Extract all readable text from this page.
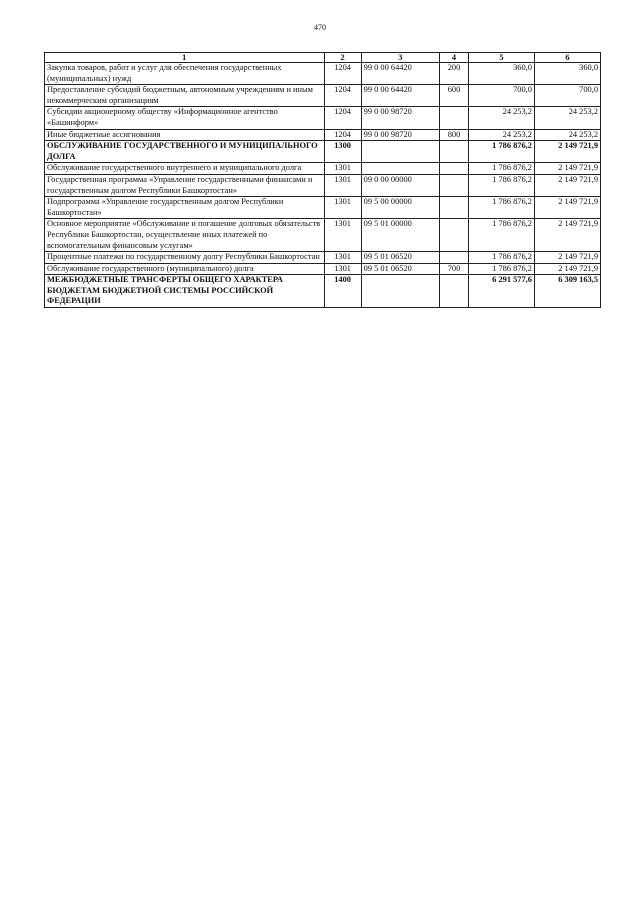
470
1	2	3	4	5	6
Закупка товаров, работ и услуг для обеспечения государственных (муниципальных) нужд	1204	99 0 00 64420	200	360,0	360,0
Предоставление субсидий бюджетным, автономным учреждениям и иным некоммерческим организациям	1204	99 0 00 64420	600	700,0	700,0
Субсидии акционерному обществу «Информационное агентство «Башинформ»	1204	99 0 00 98720		24 253,2	24 253,2
Иные бюджетные ассигнования	1204	99 0 00 98720	800	24 253,2	24 253,2
ОБСЛУЖИВАНИЕ ГОСУДАРСТВЕННОГО И МУНИЦИПАЛЬНОГО ДОЛГА	1300			1 786 876,2	2 149 721,9
Обслуживание государственного внутреннего и муниципального долга	1301			1 786 876,2	2 149 721,9
Государственная программа «Управление государственными финансами и государственным долгом Республики Башкортостан»	1301	09 0 00 00000		1 786 876,2	2 149 721,9
Подпрограмма «Управление государственным долгом Республики Башкортостан»	1301	09 5 00 00000		1 786 876,2	2 149 721,9
Основное мероприятие «Обслуживание и погашение долговых обязательств Республики Башкортостан, осуществление иных платежей по вспомогательным финансовым услугам»	1301	09 5 01 00000		1 786 876,2	2 149 721,9
Процентные платежи по государственному долгу Республики Башкортостан	1301	09 5 01 06520		1 786 876,2	2 149 721,9
Обслуживание государственного (муниципального) долга	1301	09 5 01 06520	700	1 786 876,2	2 149 721,9
МЕЖБЮДЖЕТНЫЕ ТРАНСФЕРТЫ ОБЩЕГО ХАРАКТЕРА БЮДЖЕТАМ БЮДЖЕТНОЙ СИСТЕМЫ РОССИЙСКОЙ ФЕДЕРАЦИИ	1400			6 291 577,6	6 309 163,5
